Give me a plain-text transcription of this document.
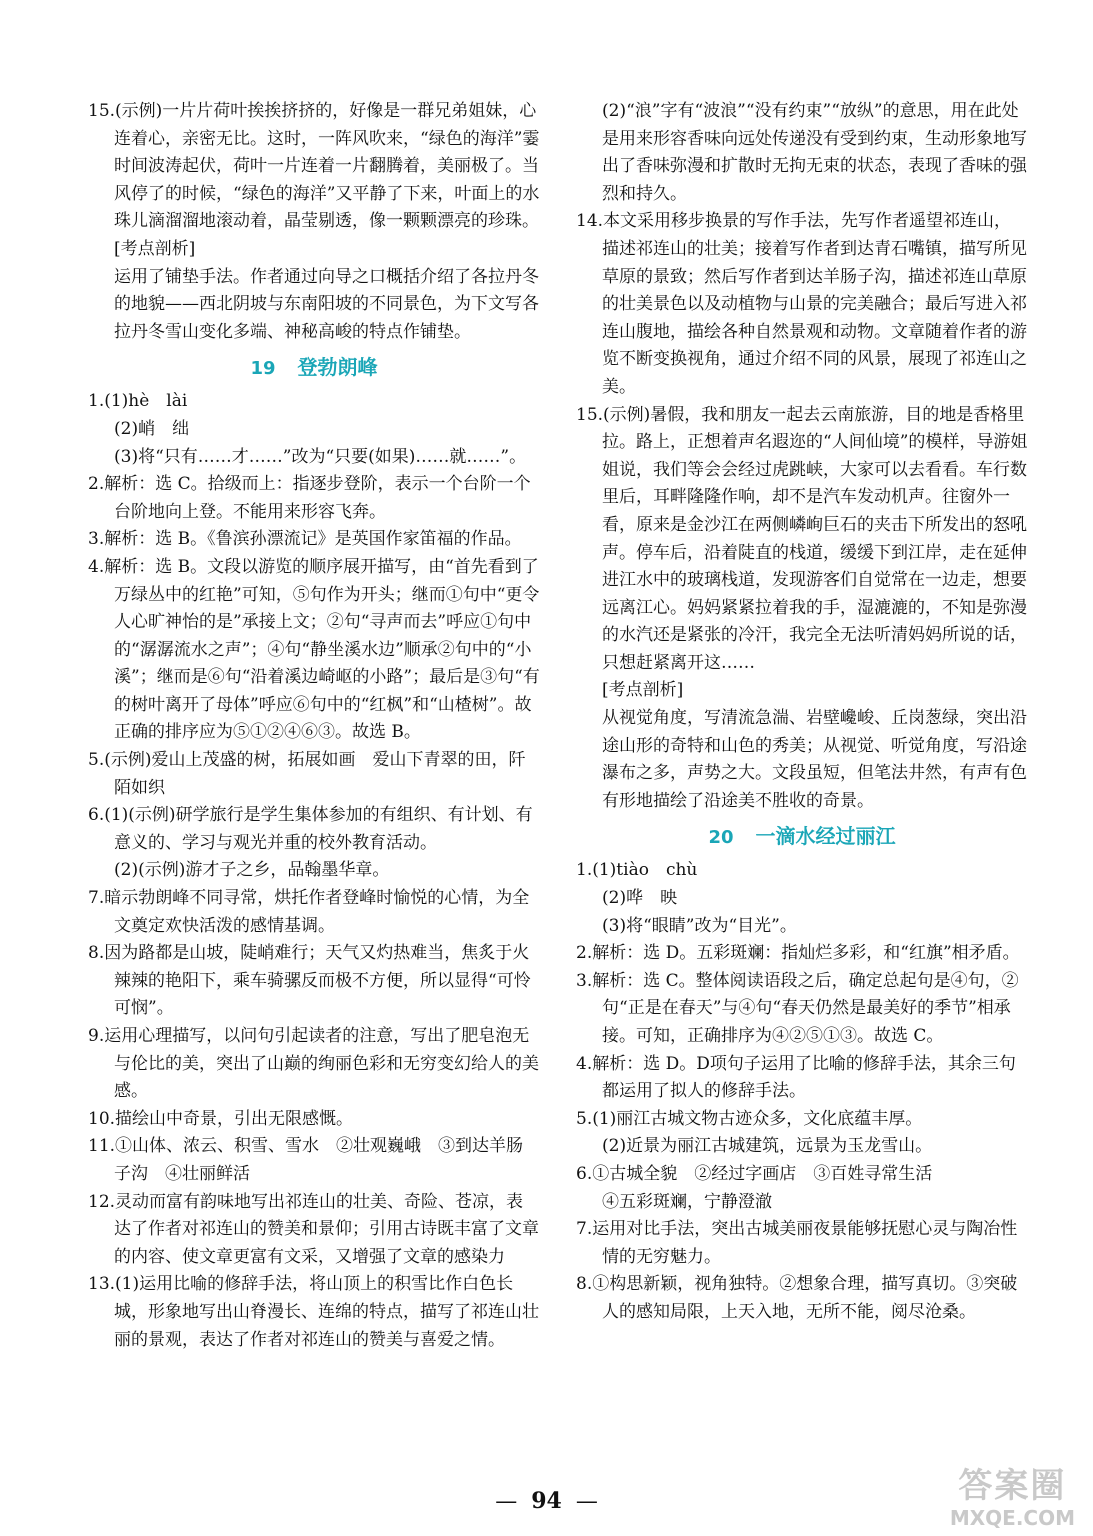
15.(示例)一片片荷叶挨挨挤挤的，好像是一群兄弟姐妹，心连着心，亲密无比。这时，一阵风吹来，“绿色的海洋”霎时间波涛起伏，荷叶一片连着一片翻腾着，美丽极了。当风停了的时候，“绿色的海洋”又平静了下来，叶面上的水珠儿滴溜溜地滚动着，晶莹剔透，像一颗颗漂亮的珍珠。

[考点剖析]

运用了铺垫手法。作者通过向导之口概括介绍了各拉丹冬的地貌——西北阴坡与东南阳坡的不同景色，为下文写各拉丹冬雪山变化多端、神秘高峻的特点作铺垫。

19 登勃朗峰

1.(1)hè　lài

(2)峭　绌

(3)将“只有……才……”改为“只要(如果)……就……”。

2.解析：选 C。拾级而上：指逐步登阶，表示一个台阶一个台阶地向上登。不能用来形容飞奔。

3.解析：选 B。《鲁滨孙漂流记》是英国作家笛福的作品。

4.解析：选 B。文段以游览的顺序展开描写，由“首先看到了万绿丛中的红艳”可知，⑤句作为开头；继而①句中“更令人心旷神怡的是”承接上文；②句“寻声而去”呼应①句中的“潺潺流水之声”；④句“静坐溪水边”顺承②句中的“小溪”；继而是⑥句“沿着溪边崎岖的小路”；最后是③句“有的树叶离开了母体”呼应⑥句中的“红枫”和“山楂树”。故正确的排序应为⑤①②④⑥③。故选 B。

5.(示例)爱山上茂盛的树，拓展如画　爱山下青翠的田，阡陌如织

6.(1)(示例)研学旅行是学生集体参加的有组织、有计划、有意义的、学习与观光并重的校外教育活动。

(2)(示例)游才子之乡，品翰墨华章。

7.暗示勃朗峰不同寻常，烘托作者登峰时愉悦的心情，为全文奠定欢快活泼的感情基调。

8.因为路都是山坡，陡峭难行；天气又灼热难当，焦炙于火辣辣的艳阳下，乘车骑骡反而极不方便，所以显得“可怜可悯”。

9.运用心理描写，以问句引起读者的注意，写出了肥皂泡无与伦比的美，突出了山巅的绚丽色彩和无穷变幻给人的美感。

10.描绘山中奇景，引出无限感慨。

11.①山体、浓云、积雪、雪水　②壮观巍峨　③到达羊肠子沟　④壮丽鲜活

12.灵动而富有韵味地写出祁连山的壮美、奇险、苍凉，表达了作者对祁连山的赞美和景仰；引用古诗既丰富了文章的内容、使文章更富有文采，又增强了文章的感染力

13.(1)运用比喻的修辞手法，将山顶上的积雪比作白色长城，形象地写出山脊漫长、连绵的特点，描写了祁连山壮丽的景观，表达了作者对祁连山的赞美与喜爱之情。

(2)“浪”字有“波浪”“没有约束”“放纵”的意思，用在此处是用来形容香味向远处传递没有受到约束，生动形象地写出了香味弥漫和扩散时无拘无束的状态，表现了香味的强烈和持久。

14.本文采用移步换景的写作手法，先写作者遥望祁连山，描述祁连山的壮美；接着写作者到达青石嘴镇，描写所见草原的景致；然后写作者到达羊肠子沟，描述祁连山草原的壮美景色以及动植物与山景的完美融合；最后写进入祁连山腹地，描绘各种自然景观和动物。文章随着作者的游览不断变换视角，通过介绍不同的风景，展现了祁连山之美。

15.(示例)暑假，我和朋友一起去云南旅游，目的地是香格里拉。路上，正想着声名遐迩的“人间仙境”的模样，导游姐姐说，我们等会会经过虎跳峡，大家可以去看看。车行数里后，耳畔隆隆作响，却不是汽车发动机声。往窗外一看，原来是金沙江在两侧嶙峋巨石的夹击下所发出的怒吼声。停车后，沿着陡直的栈道，缓缓下到江岸，走在延伸进江水中的玻璃栈道，发现游客们自觉常在一边走，想要远离江心。妈妈紧紧拉着我的手，湿漉漉的，不知是弥漫的水汽还是紧张的冷汗，我完全无法听清妈妈所说的话，只想赶紧离开这……

[考点剖析]

从视觉角度，写清流急湍、岩壁巉峻、丘岗葱绿，突出沿途山形的奇特和山色的秀美；从视觉、听觉角度，写沿途瀑布之多，声势之大。文段虽短，但笔法井然，有声有色有形地描绘了沿途美不胜收的奇景。

20 一滴水经过丽江

1.(1)tiào　chù

(2)哗　映

(3)将“眼睛”改为“目光”。

2.解析：选 D。五彩斑斓：指灿烂多彩，和“红旗”相矛盾。

3.解析：选 C。整体阅读语段之后，确定总起句是④句，②句“正是在春天”与④句“春天仍然是最美好的季节”相承接。可知，正确排序为④②⑤①③。故选 C。

4.解析：选 D。D项句子运用了比喻的修辞手法，其余三句都运用了拟人的修辞手法。

5.(1)丽江古城文物古迹众多，文化底蕴丰厚。

(2)近景为丽江古城建筑，远景为玉龙雪山。

6.①古城全貌　②经过字画店　③百姓寻常生活

④五彩斑斓，宁静澄澈

7.运用对比手法，突出古城美丽夜景能够抚慰心灵与陶冶性情的无穷魅力。

8.①构思新颖，视角独特。②想象合理，描写真切。③突破人的感知局限，上天入地，无所不能，阅尽沧桑。

— 94 —	答案圈
MXQE.COM
